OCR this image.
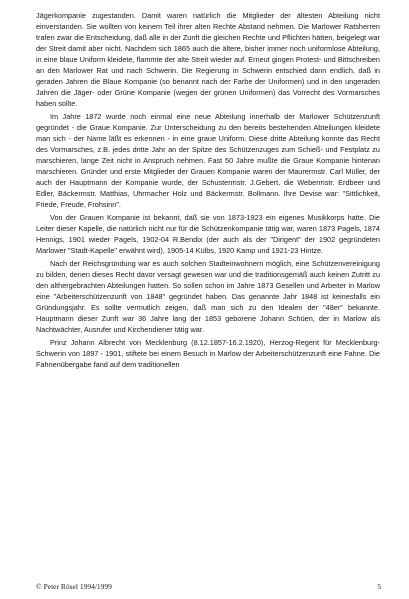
Jägerkompanie zugestanden. Damit waren natürlich die Mitglieder der ältesten Abteilung nicht einverstanden. Sie wollten von keinem Teil ihrer alten Rechte Abstand nehmen. Die Marlower Ratsherren trafen zwar die Entscheidung, daß alle in der Zunft die gleichen Rechte und Pflichten hätten, beigelegt war der Streit damit aber nicht. Nachdem sich 1865 auch die ältere, bisher immer noch uniformlose Abteilung, in eine blaue Uniform kleidete, flammte der alte Streit wieder auf. Erneut gingen Protest- und Bittschreiben an den Marlower Rat und nach Schwerin. Die Regierung in Schwerin entschied dann endlich, daß in geraden Jahren die Blaue Kompanie (so benannt nach der Farbe der Uniformen) und in den ungeraden Jahren die Jäger- oder Grüne Kompanie (wegen der grünen Uniformen) das Vorrecht des Vormarsches haben sollte.

Im Jahre 1872 wurde noch einmal eine neue Abteilung innerhalb der Marlower Schützenzunft gegründet - die Graue Kompanie. Zur Unterscheidung zu den bereits bestehenden Abteilungen kleidete man sich - der Name läßt es erkennen - in eine graue Uniform. Diese dritte Abteilung konnte das Recht des Vormarsches, z.B. jedes dritte Jahr an der Spitze des Schützenzuges zum Schieß- und Festplatz zu marschieren, lange Zeit nicht in Anspruch nehmen. Fast 50 Jahre mußte die Graue Kompanie hintenan marschieren. Gründer und erste Mitglieder der Grauen Kompanie waren der Maurermstr. Carl Müller, der auch der Hauptmann der Kompanie wurde, der Schustermstr. J.Gebert, die Webermstr. Erdbeer und Edler, Bäckermstr. Matthias, Uhrmacher Holz und Bäckermstr. Bollmann. Ihre Devise war: "Sittlichkeit, Friede, Freude, Frohsinn".

Von der Grauen Kompanie ist bekannt, daß sie von 1873-1923 ein eigenes Musikkorps hatte. Die Leiter dieser Kapelle, die natürlich nicht nur für die Schützenkompanie tätig war, waren 1873 Pagels, 1874 Hennigs, 1901 wieder Pagels, 1902-04 R.Bendix (der auch als der "Dirigent" der 1902 gegründeten Marlower "Stadt-Kapelle" erwähnt wird), 1905-14 Külbs, 1920 Kamp und 1921-23 Hintze.

Nach der Reichsgründung war es auch solchen Stadteinwohnern möglich, eine Schützenvereinigung zu bilden, denen dieses Recht davor versagt gewesen war und die traditionsgemäß auch keinen Zutritt zu den althergebrachten Abteilungen hatten. So sollen schon im Jahre 1873 Gesellen und Arbeiter in Marlow eine "Arbeiterschützenzunft von 1848" gegründet haben. Das genannte Jahr 1848 ist keinesfalls ein Gründungsjahr. Es sollte vermutlich zeigen, daß man sich zu den Idealen der "48er" bekannte. Hauptmann dieser Zunft war 36 Jahre lang der 1853 geborene Johann Schüen, der in Marlow als Nachtwächter, Ausrufer und Kirchendiener tätig war.

Prinz Johann Albrecht von Mecklenburg (8.12.1857-16.2.1920), Herzog-Regent für Mecklenburg-Schwerin von 1897 - 1901, stiftete bei einem Besuch in Marlow der Arbeiterschützenzunft eine Fahne. Die Fahnenübergabe fand auf dem traditionellen

© Peter Rösel 1994/1999	5
